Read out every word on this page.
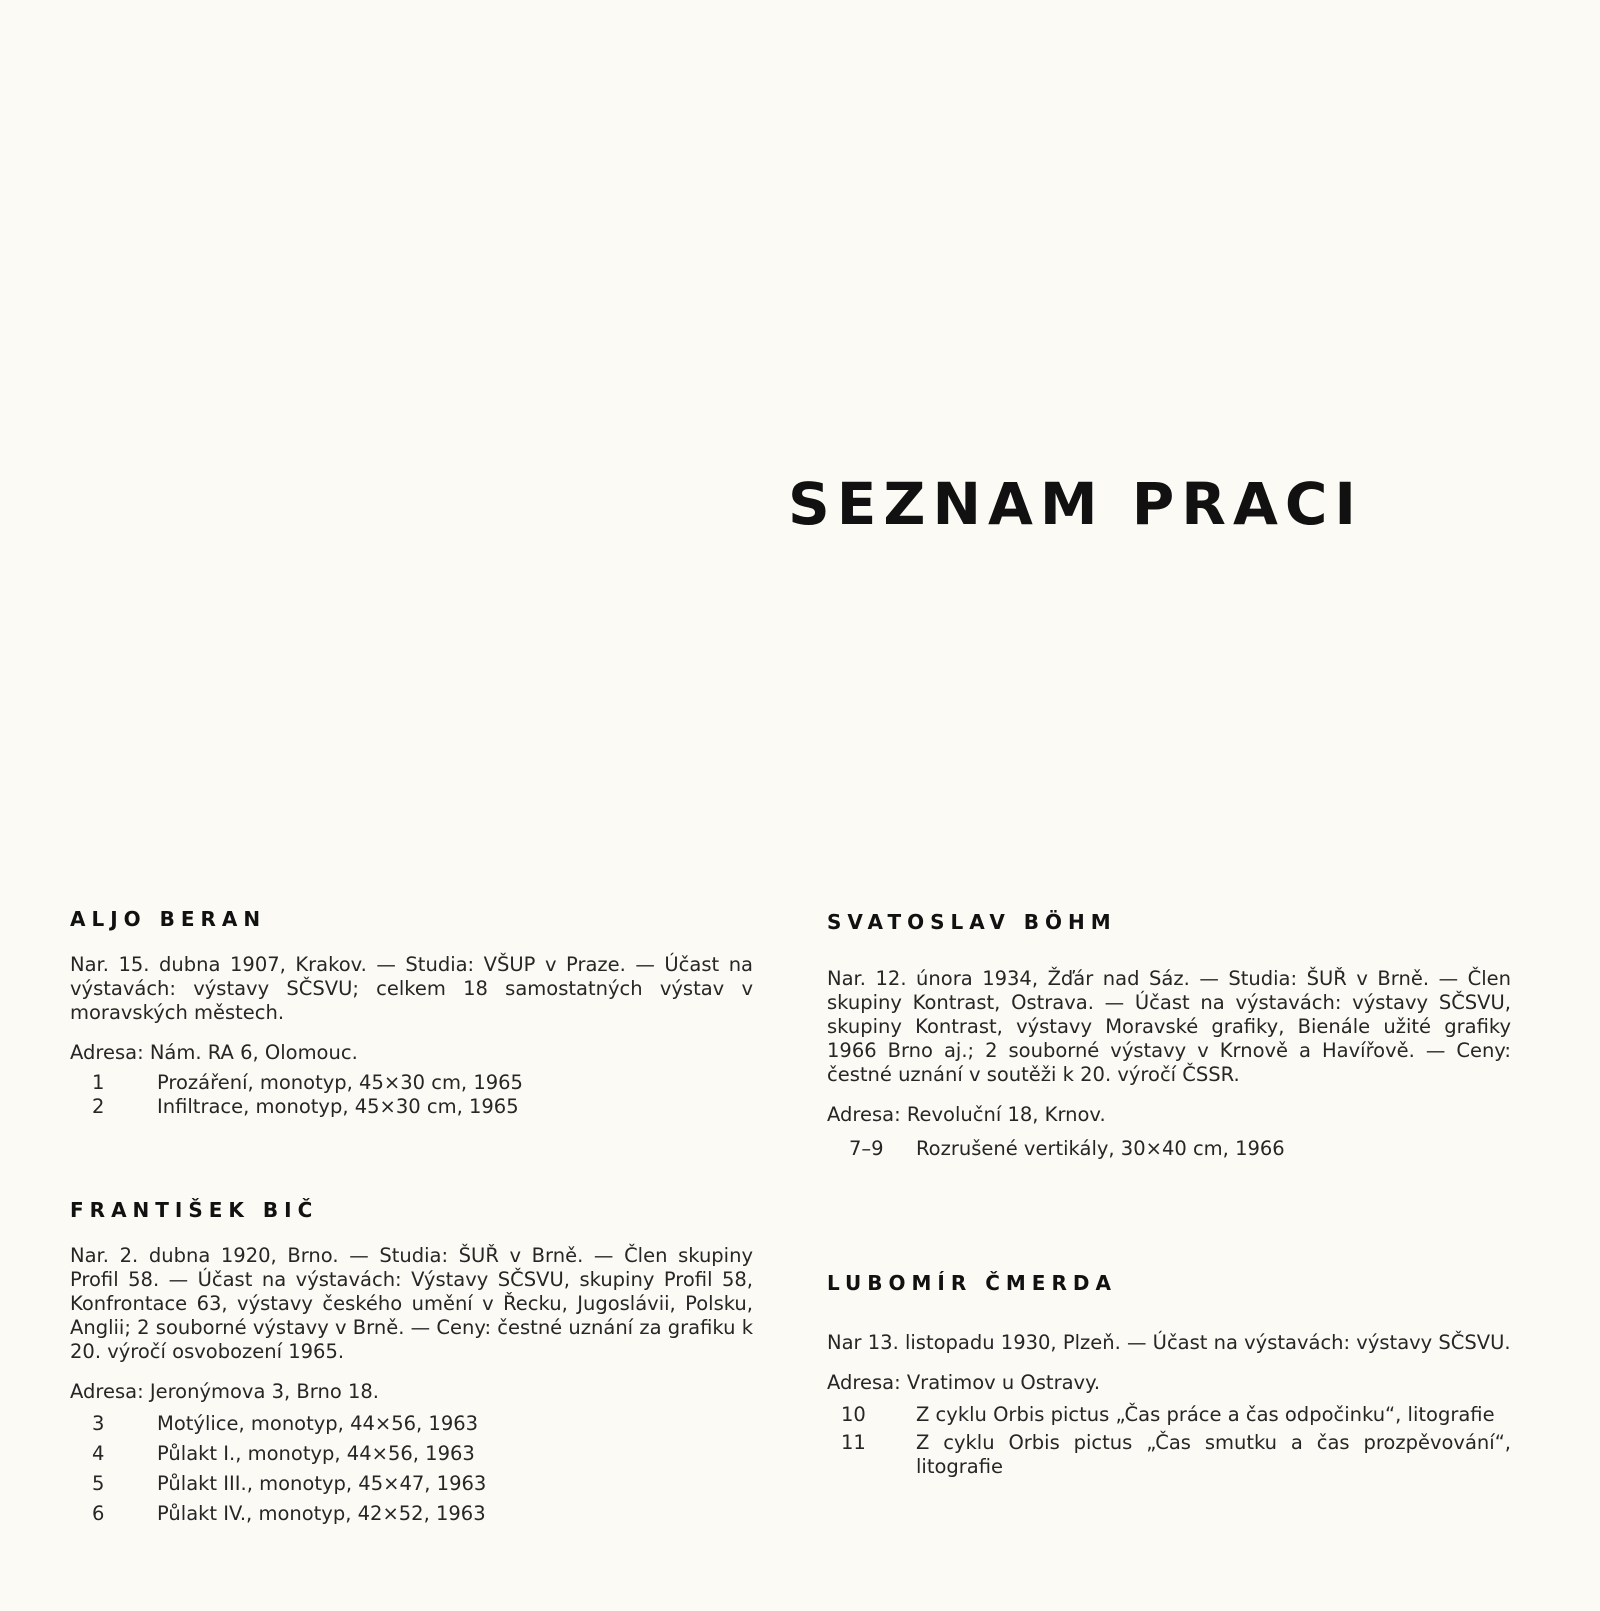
SEZNAM PRACI
ALJO BERAN

Nar. 15. dubna 1907, Krakov. — Studia: VŠUP v Praze. — Účast na výstavách: výstavy SČSVU; celkem 18 samostatných výstav v moravských městech.

Adresa: Nám. RA 6, Olomouc.

1	Prozáření, monotyp, 45×30 cm, 1965
2	Infiltrace, monotyp, 45×30 cm, 1965
FRANTIŠEK BIČ

Nar. 2. dubna 1920, Brno. — Studia: ŠUŘ v Brně. — Člen skupiny Profil 58. — Účast na výstavách: Výstavy SČSVU, skupiny Profil 58, Konfrontace 63, výstavy českého umění v Řecku, Jugoslávii, Polsku, Anglii; 2 souborné výstavy v Brně. — Ceny: čestné uznání za grafiku k 20. výročí osvobození 1965.

Adresa: Jeronýmova 3, Brno 18.

3	Motýlice, monotyp, 44×56, 1963
4	Půlakt I., monotyp, 44×56, 1963
5	Půlakt III., monotyp, 45×47, 1963
6	Půlakt IV., monotyp, 42×52, 1963
SVATOSLAV BÖHM

Nar. 12. února 1934, Žďár nad Sáz. — Studia: ŠUŘ v Brně. — Člen skupiny Kontrast, Ostrava. — Účast na výstavách: výstavy SČSVU, skupiny Kontrast, výstavy Moravské grafiky, Bienále užité grafiky 1966 Brno aj.; 2 souborné výstavy v Krnově a Havířově. — Ceny: čestné uznání v soutěži k 20. výročí ČSSR.

Adresa: Revoluční 18, Krnov.

7–9	Rozrušené vertikály, 30×40 cm, 1966
LUBOMÍR ČMERDA

Nar 13. listopadu 1930, Plzeň. — Účast na výstavách: výstavy SČSVU.

Adresa: Vratimov u Ostravy.

10	Z cyklu Orbis pictus „Čas práce a čas odpočinku“, litografie
11	Z cyklu Orbis pictus „Čas smutku a čas prozpěvování“, litografie
